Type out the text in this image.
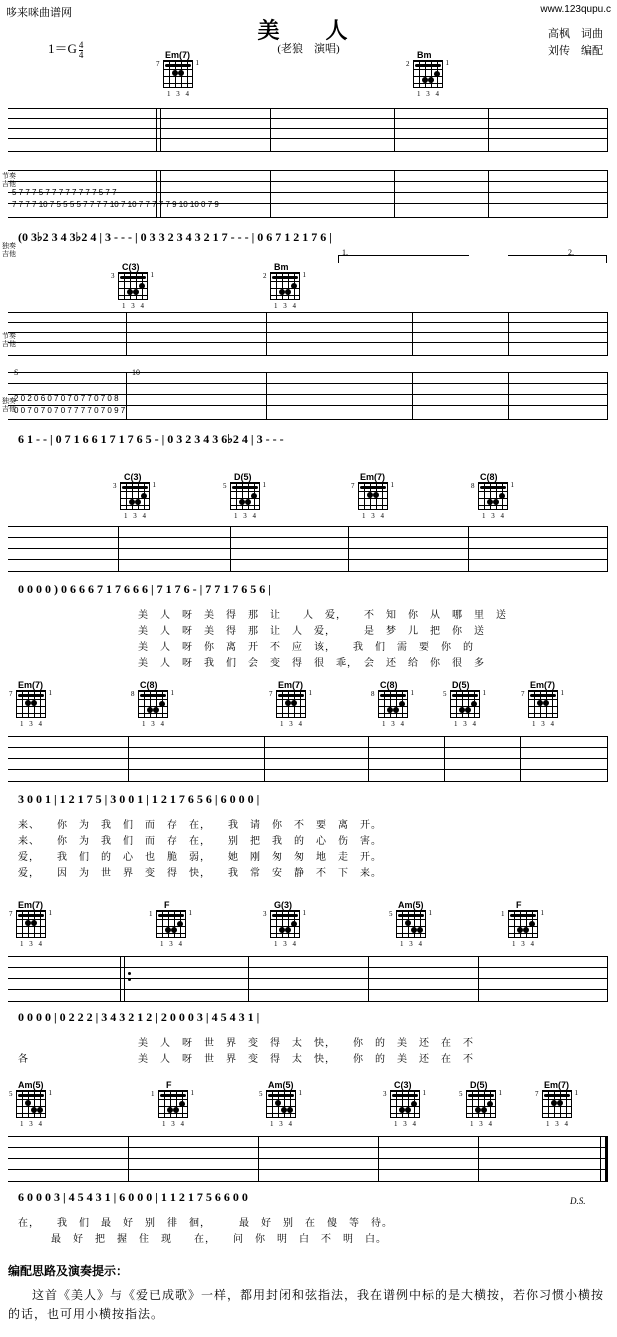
哆来咪曲谱网	www.123qupu.c
美　人
(老狼　演唱)
$1=G \frac{4}{4}$
高枫　词曲
刘传　编配
Em(7)
7	1
1 3 4
Bm
2	1
1 3 4
节奏吉他
独奏吉他
5 7 7 7 5 7 7 7 7 7 7 7 7 5 7 7
7 7 7 7 10 7 5 5 5 5 7 7 7 7 10 7 10 7 7 7 7 7 9 10 10 0 7 9
(0 3♭2 3 4 3♭2 4 | 3 - - - | 0 3 3 2 3 4 3 2 1 7 - - - | 0 6 7 1 2 1 7 6 |
1.	2.
C(3)
3	1
1 3 4
Bm
2	1
1 3 4
节奏吉他
独奏吉他
S	10
2 0 2 0 6 0 7 0 7 0 7 7 0 7 0 8
0 0 7 0 7 0 7 0 7 7 7 7 0 7 0 9 7
6 1 - - | 0 7 1 6 6 1 7 1 7 6 5 - | 0 3 2 3 4 3 6♭2 4 | 3 - - -
C(3)
3	1
1 3 4
D(5)
5	1
1 3 4
Em(7)
7	1
1 3 4
C(8)
8	1
1 3 4
0 0 0 0 ) 0 6 6 6 7 1 7 6 6 6 | 7 1 7 6 - | 7 7 1 7 6 5 6 |
美　人　呀　美　得　那　让　　人　爱，　　不　知　你　从　哪　里　送
美　人　呀　美　得　那　让　人　爱，　　　是　梦　儿　把　你　送
美　人　呀　你　离　开　不　应　该，　　我　们　需　要　你　的
美　人　呀　我　们　会　变　得　很　乖，　会　还　给　你　很　多
Em(7)
7	1
1 3 4
C(8)
8	1
1 3 4
Em(7)
7	1
1 3 4
C(8)
8	1
1 3 4
D(5)
5	1
1 3 4
Em(7)
7	1
1 3 4
3 0 0 1 | 1 2 1 7 5 | 3 0 0 1 | 1 2 1 7 6 5 6 | 6 0 0 0 |
来、　　你　为　我　们　而　存　在，　　我　请　你　不　要　离　开。
来、　　你　为　我　们　而　存　在，　　别　把　我　的　心　伤　害。
爱，　　我　们　的　心　也　脆　弱，　　她　刚　匆　匆　地　走　开。
爱，　　因　为　世　界　变　得　快，　　我　常　安　静　不　下　来。
Em(7)
7	1
1 3 4
F
1	1
1 3 4
G(3)
3	1
1 3 4
Am(5)
5	1
1 3 4
F
1	1
1 3 4
0 0 0 0 | 0 2 2 2 | 3 4 3 2 1 2 | 2 0 0 0 3 | 4 5 4 3 1 |
各
美　人　呀　世　界　变　得　太　快，　　你　的　美　还　在　不
美　人　呀　世　界　变　得　太　快，　　你　的　美　还　在　不
Am(5)
5	1
1 3 4
F
1	1
1 3 4
Am(5)
5	1
1 3 4
C(3)
3	1
1 3 4
D(5)
5	1
1 3 4
Em(7)
7	1
1 3 4
6 0 0 0 3 | 4 5 4 3 1 | 6 0 0 0 | 1 1 2 1 7 5 6 6 0 0
在，　　我　们　最　好　别　徘　徊，　　　最　好　别　在　傻　等　待。
　　　最　好　把　握　住　现　　在，　　问　你　明　白　不　明　白。
D.S.
编配思路及演奏提示：
这首《美人》与《爱已成歌》一样，都用封闭和弦指法，我在谱例中标的是大横按，若你习惯小横按的话，也可用小横按指法。
